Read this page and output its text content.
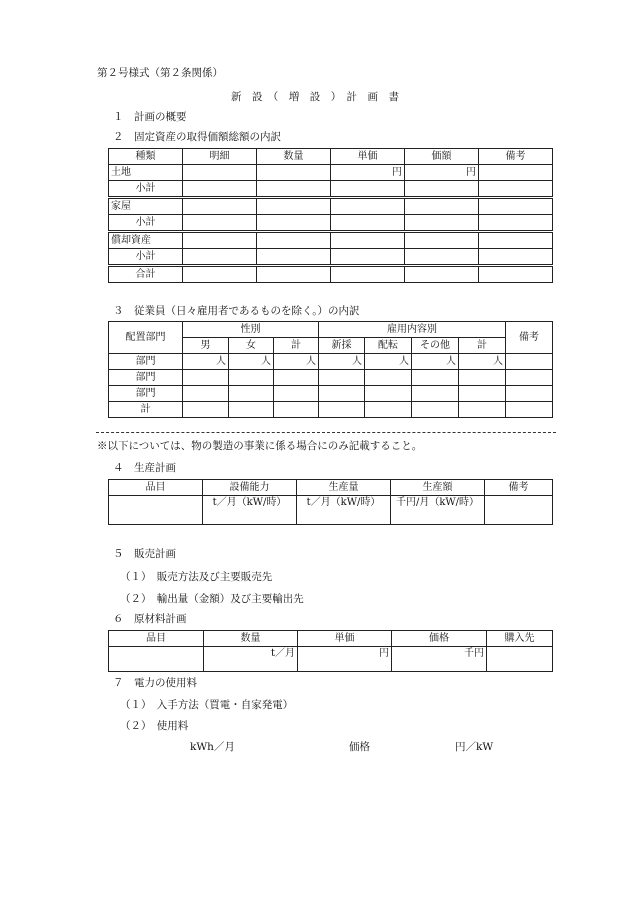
第２号様式（第２条関係）
新　設　（　増　設　）　計　画　書
１　計画の概要
２　固定資産の取得価額総額の内訳
種類	明細	数量	単価	価額	備考
土地			円	円	
小計					
家屋					
小計					
償却資産					
小計					
合計					
３　従業員（日々雇用者であるものを除く。）の内訳
配置部門	性別			雇用内容別				備考
	男	女	計	新採	配転	その他	計	
部門	人	人	人	人	人	人	人	
部門								
部門								
計								
※以下については、物の製造の事業に係る場合にのみ記載すること。
４　生産計画
品目	設備能力	生産量	生産額	備考
	t／月（kW/時）	t／月（kW/時）	千円/月（kW/時）	
５　販売計画
（１）　販売方法及び主要販売先
（２）　輸出量（金額）及び主要輸出先
６　原材料計画
品目	数量	単価	価格	購入先
	t／月	円	千円	
７　電力の使用料
（１）　入手方法（買電・自家発電）
（２）　使用料
kWh／月	価格	円／kW
